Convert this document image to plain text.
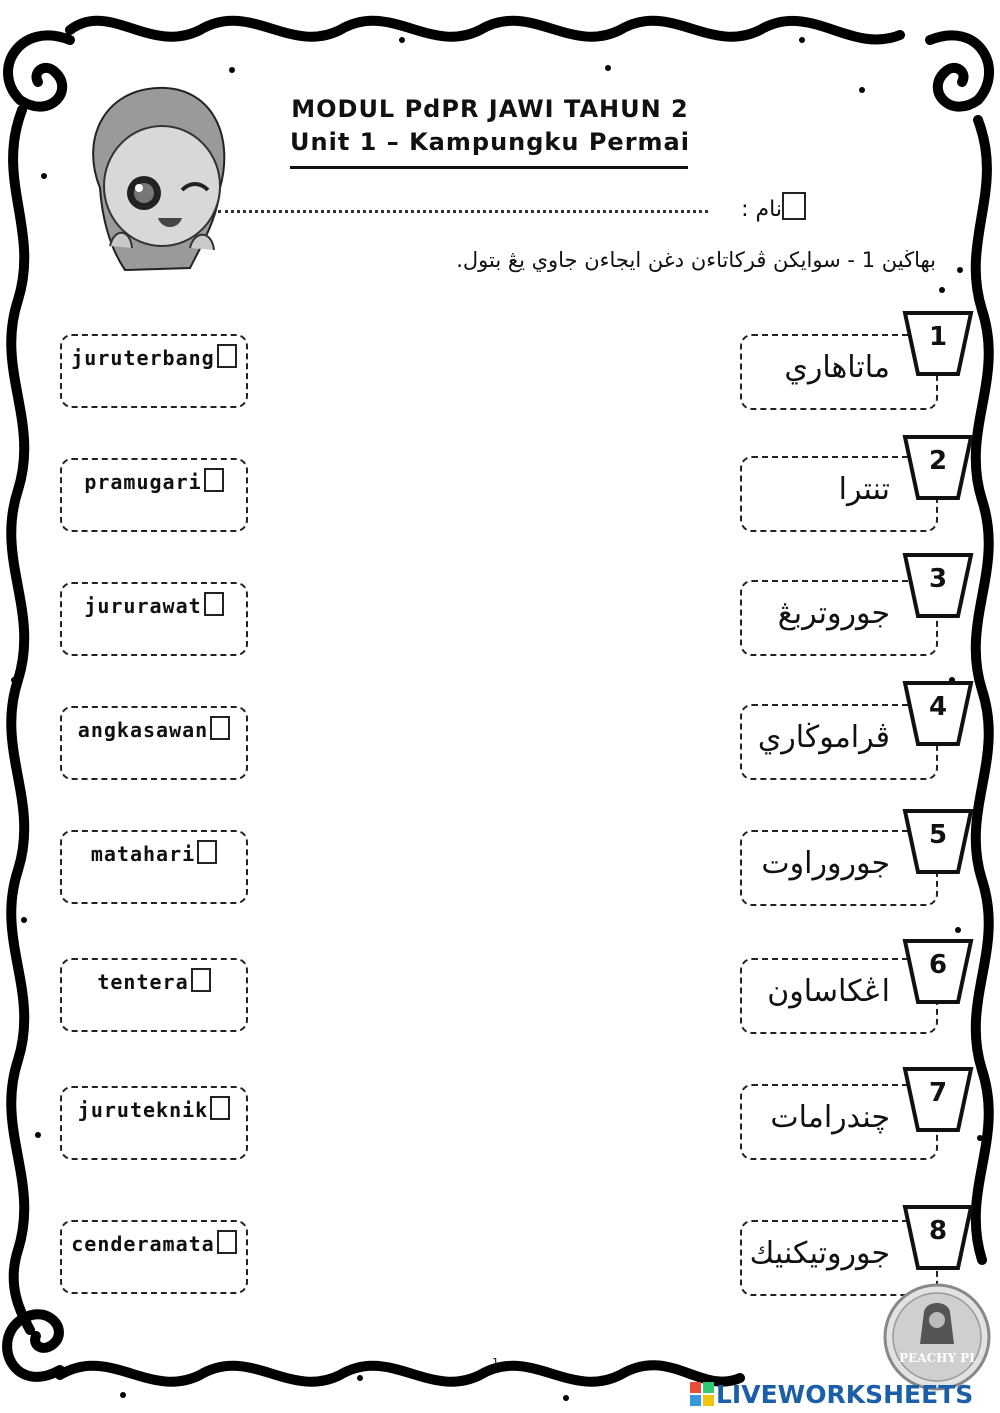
MODUL PdPR JAWI TAHUN 2
Unit 1 – Kampungku Permai
نام :
بهاڬين 1 - سوايكن ڤركاتاءن دغن ايجاءن جاوي يڠ بتول.
juruterbang
pramugari
jururawat
angkasawan
matahari
tentera
juruteknik
cenderamata
ماتاهاري
1
تنترا
2
جوروتربڠ
3
ڤراموڬاري
4
جوروراوت
5
اڠكاساون
6
چندرامات
7
جوروتيكنيك
8
1	PEACHY PI
LIVEWORKSHEETS
